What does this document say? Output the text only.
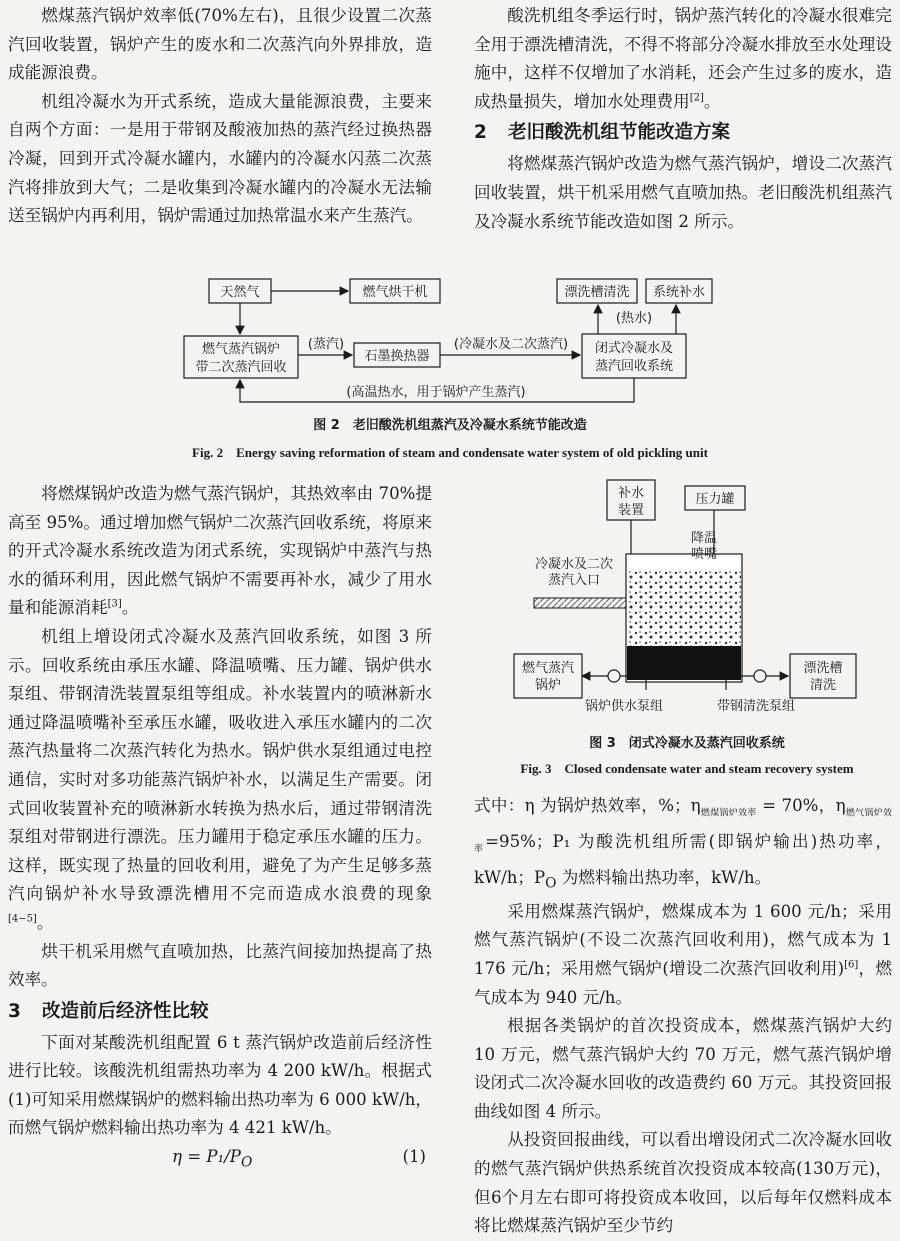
燃煤蒸汽锅炉效率低(70%左右)，且很少设置二次蒸汽回收装置，锅炉产生的废水和二次蒸汽向外界排放，造成能源浪费。

机组冷凝水为开式系统，造成大量能源浪费，主要来自两个方面：一是用于带钢及酸液加热的蒸汽经过换热器冷凝，回到开式冷凝水罐内，水罐内的冷凝水闪蒸二次蒸汽将排放到大气；二是收集到冷凝水罐内的冷凝水无法输送至锅炉内再利用，锅炉需通过加热常温水来产生蒸汽。

酸洗机组冬季运行时，锅炉蒸汽转化的冷凝水很难完全用于漂洗槽清洗，不得不将部分冷凝水排放至水处理设施中，这样不仅增加了水消耗，还会产生过多的废水，造成热量损失，增加水处理费用[2]。

2 老旧酸洗机组节能改造方案

将燃煤蒸汽锅炉改造为燃气蒸汽锅炉，增设二次蒸汽回收装置，烘干机采用燃气直喷加热。老旧酸洗机组蒸汽及冷凝水系统节能改造如图 2 所示。

天然气	燃气烘干机
燃气蒸汽锅炉
带二次蒸汽回收
石墨换热器
闭式冷凝水及
蒸汽回收系统
漂洗槽清洗 系统补水
(蒸汽)	(冷凝水及二次蒸汽)
(热水)
(高温热水，用于锅炉产生蒸汽)
图 2　老旧酸洗机组蒸汽及冷凝水系统节能改造
Fig. 2　Energy saving reformation of steam and condensate water system of old pickling unit

将燃煤锅炉改造为燃气蒸汽锅炉，其热效率由 70%提高至 95%。通过增加燃气锅炉二次蒸汽回收系统，将原来的开式冷凝水系统改造为闭式系统，实现锅炉中蒸汽与热水的循环利用，因此燃气锅炉不需要再补水，减少了用水量和能源消耗[3]。

机组上增设闭式冷凝水及蒸汽回收系统，如图 3 所示。回收系统由承压水罐、降温喷嘴、压力罐、锅炉供水泵组、带钢清洗装置泵组等组成。补水装置内的喷淋新水通过降温喷嘴补至承压水罐，吸收进入承压水罐内的二次蒸汽热量将二次蒸汽转化为热水。锅炉供水泵组通过电控通信，实时对多功能蒸汽锅炉补水，以满足生产需要。闭式回收装置补充的喷淋新水转换为热水后，通过带钢清洗泵组对带钢进行漂洗。压力罐用于稳定承压水罐的压力。这样，既实现了热量的回收利用，避免了为产生足够多蒸汽向锅炉补水导致漂洗槽用不完而造成水浪费的现象[4−5]。

烘干机采用燃气直喷加热，比蒸汽间接加热提高了热效率。

3 改造前后经济性比较

下面对某酸洗机组配置 6 t 蒸汽锅炉改造前后经济性进行比较。该酸洗机组需热功率为 4 200 kW/h。根据式(1)可知采用燃煤锅炉的燃料输出热功率为 6 000 kW/h，而燃气锅炉燃料输出热功率为 4 421 kW/h。

$\eta = P_1/P_O$	(1)
补水
装置
压力罐
降温
喷嘴
冷凝水及二次
蒸汽入口
燃气蒸汽
锅炉
漂洗槽
清洗
锅炉供水泵组	带钢清洗泵组
图 3　闭式冷凝水及蒸汽回收系统
Fig. 3　Closed condensate water and steam recovery system

式中：η 为锅炉热效率，%；$\eta_{燃煤锅炉效率} = 70\%$，$\eta_{燃气锅炉效率}=95\%$；P₁ 为酸洗机组所需(即锅炉输出)热功率，kW/h；$P_O$ 为燃料输出热功率，kW/h。

采用燃煤蒸汽锅炉，燃煤成本为 1 600 元/h；采用燃气蒸汽锅炉(不设二次蒸汽回收利用)，燃气成本为 1 176 元/h；采用燃气锅炉(增设二次蒸汽回收利用)[6]，燃气成本为 940 元/h。

根据各类锅炉的首次投资成本，燃煤蒸汽锅炉大约 10 万元，燃气蒸汽锅炉大约 70 万元，燃气蒸汽锅炉增设闭式二次冷凝水回收的改造费约 60 万元。其投资回报曲线如图 4 所示。

从投资回报曲线，可以看出增设闭式二次冷凝水回收的燃气蒸汽锅炉供热系统首次投资成本较高(130万元)，但6个月左右即可将投资成本收回，以后每年仅燃料成本将比燃煤蒸汽锅炉至少节约
